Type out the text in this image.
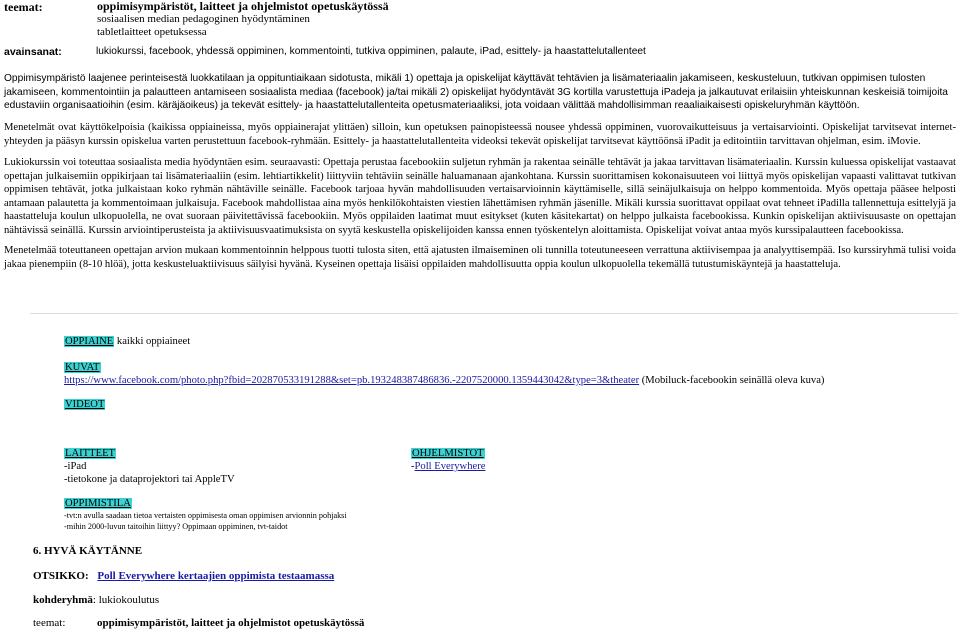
teemat:	oppimisympäristöt, laitteet ja ohjelmistot opetuskäytössä
sosiaalisen median pedagoginen hyödyntäminen
tabletlaitteet opetuksessa
avainsanat:	lukiokurssi, facebook, yhdessä oppiminen, kommentointi, tutkiva oppiminen, palaute, iPad, esittely- ja haastattelutallenteet

Oppimisympäristö laajenee perinteisestä luokkatilaan ja oppituntiaikaan sidotusta, mikäli 1) opettaja ja opiskelijat käyttävät tehtävien ja lisämateriaalin jakamiseen, keskusteluun, tutkivan oppimisen tulosten jakamiseen, kommentointiin ja palautteen antamiseen sosiaalista mediaa (facebook) ja/tai mikäli 2) opiskelijat hyödyntävät 3G kortilla varustettuja iPadeja ja jalkautuvat erilaisiin yhteiskunnan keskeisiä toimijoita edustaviin organisaatioihin (esim. käräjäoikeus) ja tekevät esittely- ja haastattelutallenteita opetusmateriaaliksi, jota voidaan välittää mahdollisimman reaaliaikaisesti opiskeluryhmän käyttöön.

Menetelmät ovat käyttökelpoisia (kaikissa oppiaineissa, myös oppiainerajat ylittäen) silloin, kun opetuksen painopisteessä nousee yhdessä oppiminen, vuorovaikutteisuus ja vertaisarviointi. Opiskelijat tarvitsevat internet-yhteyden ja pääsyn kurssin opiskelua varten perustettuun facebook-ryhmään. Esittely- ja haastattelutallenteita videoksi tekevät opiskelijat tarvitsevat käyttöönsä iPadit ja editointiin tarvittavan ohjelman, esim. iMovie.

Lukiokurssin voi toteuttaa sosiaalista media hyödyntäen esim. seuraavasti: Opettaja perustaa facebookiin suljetun ryhmän ja rakentaa seinälle tehtävät ja jakaa tarvittavan lisämateriaalin. Kurssin kuluessa opiskelijat vastaavat opettajan julkaisemiin oppikirjaan tai lisämateriaaliin (esim. lehtiartikkelit) liittyviin tehtäviin seinälle haluamanaan ajankohtana. Kurssin suorittamisen kokonaisuuteen voi liittyä myös opiskelijan vapaasti valittavat tutkivan oppimisen tehtävät, jotka julkaistaan koko ryhmän nähtäville seinälle. Facebook tarjoaa hyvän mahdollisuuden vertaisarvioinnin käyttämiselle, sillä seinäjulkaisuja on helppo kommentoida. Myös opettaja pääsee helposti antamaan palautetta ja kommentoimaan julkaisuja. Facebook mahdollistaa aina myös henkilökohtaisten viestien lähettämisen ryhmän jäsenille. Mikäli kurssia suorittavat oppilaat ovat tehneet iPadilla tallennettuja esittelyjä ja haastatteluja koulun ulkopuolella, ne ovat suoraan päivitettävissä facebookiin. Myös oppilaiden laatimat muut esitykset (kuten käsitekartat) on helppo julkaista facebookissa. Kunkin opiskelijan aktiivisuusaste on opettajan nähtävissä seinällä. Kurssin arviointiperusteista ja aktiivisuusvaatimuksista on syytä keskustella opiskelijoiden kanssa ennen työskentelyn aloittamista. Opiskelijat voivat antaa myös kurssipalautteen facebookissa.

Menetelmää toteuttaneen opettajan arvion mukaan kommentoinnin helppous tuotti tulosta siten, että ajatusten ilmaiseminen oli tunnilla toteutuneeseen verrattuna aktiivisempaa ja analyyttisempää. Iso kurssiryhmä tulisi voida jakaa pienempiin (8-10 hlöä), jotta keskusteluaktiivisuus säilyisi hyvänä. Kyseinen opettaja lisäisi oppilaiden mahdollisuutta oppia koulun ulkopuolella tekemällä tutustumiskäyntejä ja haastatteluja.

OPPIAINE kaikki oppiaineet
KUVAT
https://www.facebook.com/photo.php?fbid=202870533191288&set=pb.193248387486836.-2207520000.1359443042&type=3&theater (Mobiluck-facebookin seinällä oleva kuva)
VIDEOT
LAITTEET
-iPad
-tietokone ja dataprojektori tai AppleTV
OHJELMISTOT
-Poll Everywhere
OPPIMISTILA
-tvt:n avulla saadaan tietoa vertaisten oppimisesta oman oppimisen arvionnin pohjaksi
-mihin 2000-luvun taitoihin liittyy? Oppimaan oppiminen, tvt-taidot
6. HYVÄ KÄYTÄNNE
OTSIKKO: Poll Everywhere kertaajien oppimista testaamassa
kohderyhmä: lukiokoulutus
teemat:	oppimisympäristöt, laitteet ja ohjelmistot opetuskäytössä
